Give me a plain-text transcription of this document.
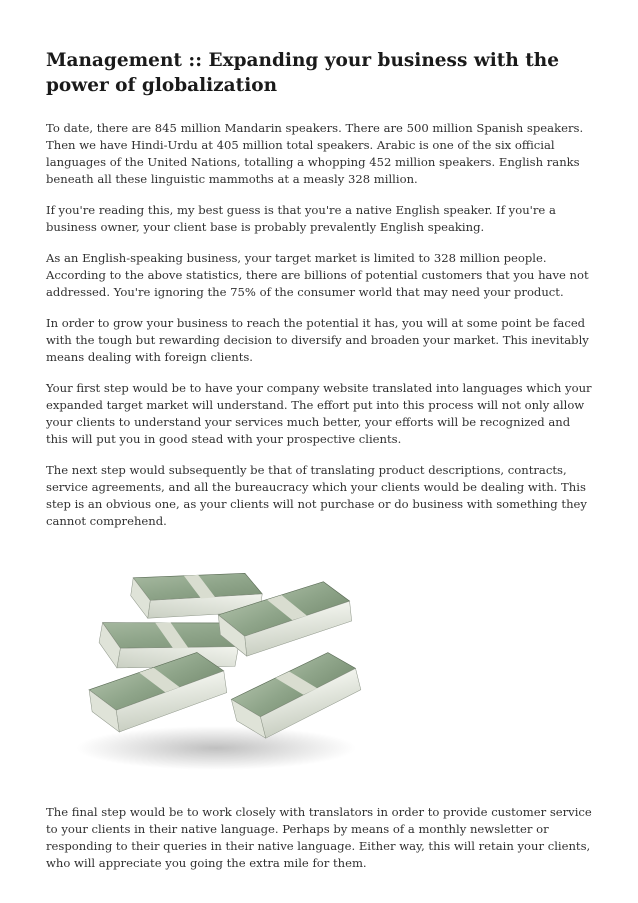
Management :: Expanding your business with the power of globalization

To date, there are 845 million Mandarin speakers. There are 500 million Spanish speakers. Then we have Hindi-Urdu at 405 million total speakers. Arabic is one of the six official languages of the United Nations, totalling a whopping 452 million speakers. English ranks beneath all these linguistic mammoths at a measly 328 million.

If you're reading this, my best guess is that you're a native English speaker. If you're a business owner, your client base is probably prevalently English speaking.

As an English-speaking business, your target market is limited to 328 million people. According to the above statistics, there are billions of potential customers that you have not addressed. You're ignoring the 75% of the consumer world that may need your product.

In order to grow your business to reach the potential it has, you will at some point be faced with the tough but rewarding decision to diversify and broaden your market. This inevitably means dealing with foreign clients.

Your first step would be to have your company website translated into languages which your expanded target market will understand. The effort put into this process will not only allow your clients to understand your services much better, your efforts will be recognized and this will put you in good stead with your prospective clients.

The next step would subsequently be that of translating product descriptions, contracts, service agreements, and all the bureaucracy which your clients would be dealing with. This step is an obvious one, as your clients will not purchase or do business with something they cannot comprehend.

The final step would be to work closely with translators in order to provide customer service to your clients in their native language. Perhaps by means of a monthly newsletter or responding to their queries in their native language. Either way, this will retain your clients, who will appreciate you going the extra mile for them.
